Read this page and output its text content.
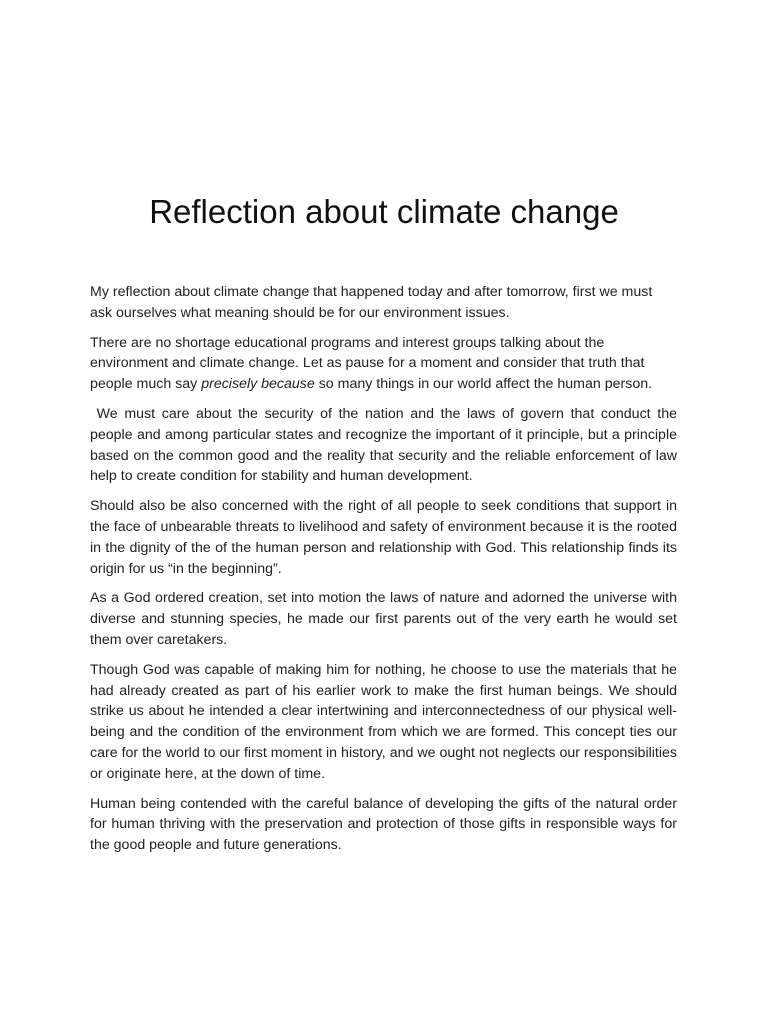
Reflection about climate change

My reflection about climate change that happened today and after tomorrow, first we must ask ourselves what meaning should be for our environment issues.

There are no shortage educational programs and interest groups talking about the environment and climate change. Let as pause for a moment and consider that truth that people much say precisely because so many things in our world affect the human person.

We must care about the security of the nation and the laws of govern that conduct the people and among particular states and recognize the important of it principle, but a principle based on the common good and the reality that security and the reliable enforcement of law help to create condition for stability and human development.

Should also be also concerned with the right of all people to seek conditions that support in the face of unbearable threats to livelihood and safety of environment because it is the rooted in the dignity of the of the human person and relationship with God. This relationship finds its origin for us “in the beginning”.

As a God ordered creation, set into motion the laws of nature and adorned the universe with diverse and stunning species, he made our first parents out of the very earth he would set them over caretakers.

Though God was capable of making him for nothing, he choose to use the materials that he had already created as part of his earlier work to make the first human beings. We should strike us about he intended a clear intertwining and interconnectedness of our physical well-being and the condition of the environment from which we are formed. This concept ties our care for the world to our first moment in history, and we ought not neglects our responsibilities or originate here, at the down of time.

Human being contended with the careful balance of developing the gifts of the natural order for human thriving with the preservation and protection of those gifts in responsible ways for the good people and future generations.
